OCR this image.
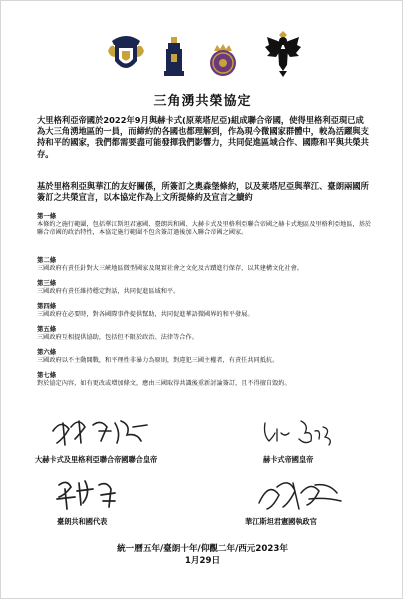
三角湧共榮協定
大里格利亞帝國於2022年9月與赫卡式(原萊塔尼亞)組成聯合帝國，使得里格利亞現已成為大三角湧地區的一員，而締約的各國也都理解到，作為現今微國家群體中，較為活躍與支持和平的國家，我們都需要盡可能發揮我們影響力，共同促進區域合作、國際和平與共榮共存。
基於里格利亞與華江的友好關係，所簽訂之奧森堡條約，以及萊塔尼亞與華江、臺朗兩國所簽訂之共榮宣言，以本協定作為上文所提條約及宣言之續約
第一條
本條約之施行範圍，包括華江斯坦君憲國、臺朗共和國、大赫卡式及里格利亞聯合帝國之赫卡式地區及里格利亞地區，基於聯合帝國的政治特性，本協定施行範圍不包含簽訂過後加入聯合帝國之國家。
第二條
三國政府有責任針對大三峽地區微型國家及現實社會之文化及古蹟進行保存，以其建構文化社會。
第三條
三國政府有責任維持穩定對話，共同促進區域和平。
第四條
三國政府在必要時，對各國際事件提供幫助，共同促進華語微國界的和平發展。
第五條
三國政府互相提供協助，包括但不限於政治、法律等合作。
第六條
三國政府以不主動開戰，和平理性非暴力為原則，對違犯三國主權者，有責任共同抵抗。
第七條
對於協定內容，如有更改或增加條文，應由三國取得共識後重新討論簽訂，且不得擅自毀約。
大赫卡式及里格利亞聯合帝國聯合皇帝	赫卡式帝國皇帝
臺朗共和國代表	華江斯坦君憲國執政官
統一曆五年/臺朗十年/仰觀二年/西元2023年
1月29日
